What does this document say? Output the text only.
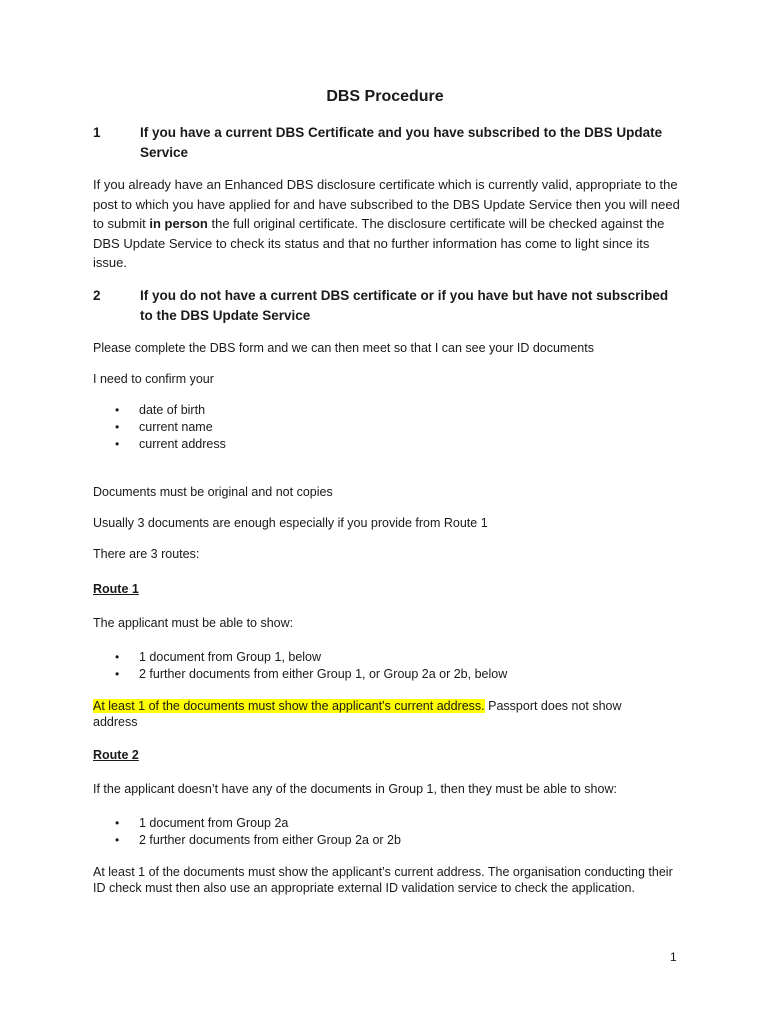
DBS Procedure
1	If you have a current DBS Certificate and you have subscribed to the DBS Update Service

If you already have an Enhanced DBS disclosure certificate which is currently valid, appropriate to the post to which you have applied for and have subscribed to the DBS Update Service then you will need to submit in person the full original certificate. The disclosure certificate will be checked against the DBS Update Service to check its status and that no further information has come to light since its issue.

2	If you do not have a current DBS certificate or if you have but have not subscribed to the DBS Update Service

Please complete the DBS form and we can then meet so that I can see your ID documents

I need to confirm your

• date of birth
• current name
• current address

Documents must be original and not copies

Usually 3 documents are enough especially if you provide from Route 1

There are 3 routes:

Route 1

The applicant must be able to show:

• 1 document from Group 1, below
• 2 further documents from either Group 1, or Group 2a or 2b, below

At least 1 of the documents must show the applicant’s current address. Passport does not show address

Route 2

If the applicant doesn’t have any of the documents in Group 1, then they must be able to show:

• 1 document from Group 2a
• 2 further documents from either Group 2a or 2b

At least 1 of the documents must show the applicant’s current address. The organisation conducting their ID check must then also use an appropriate external ID validation service to check the application.

1
